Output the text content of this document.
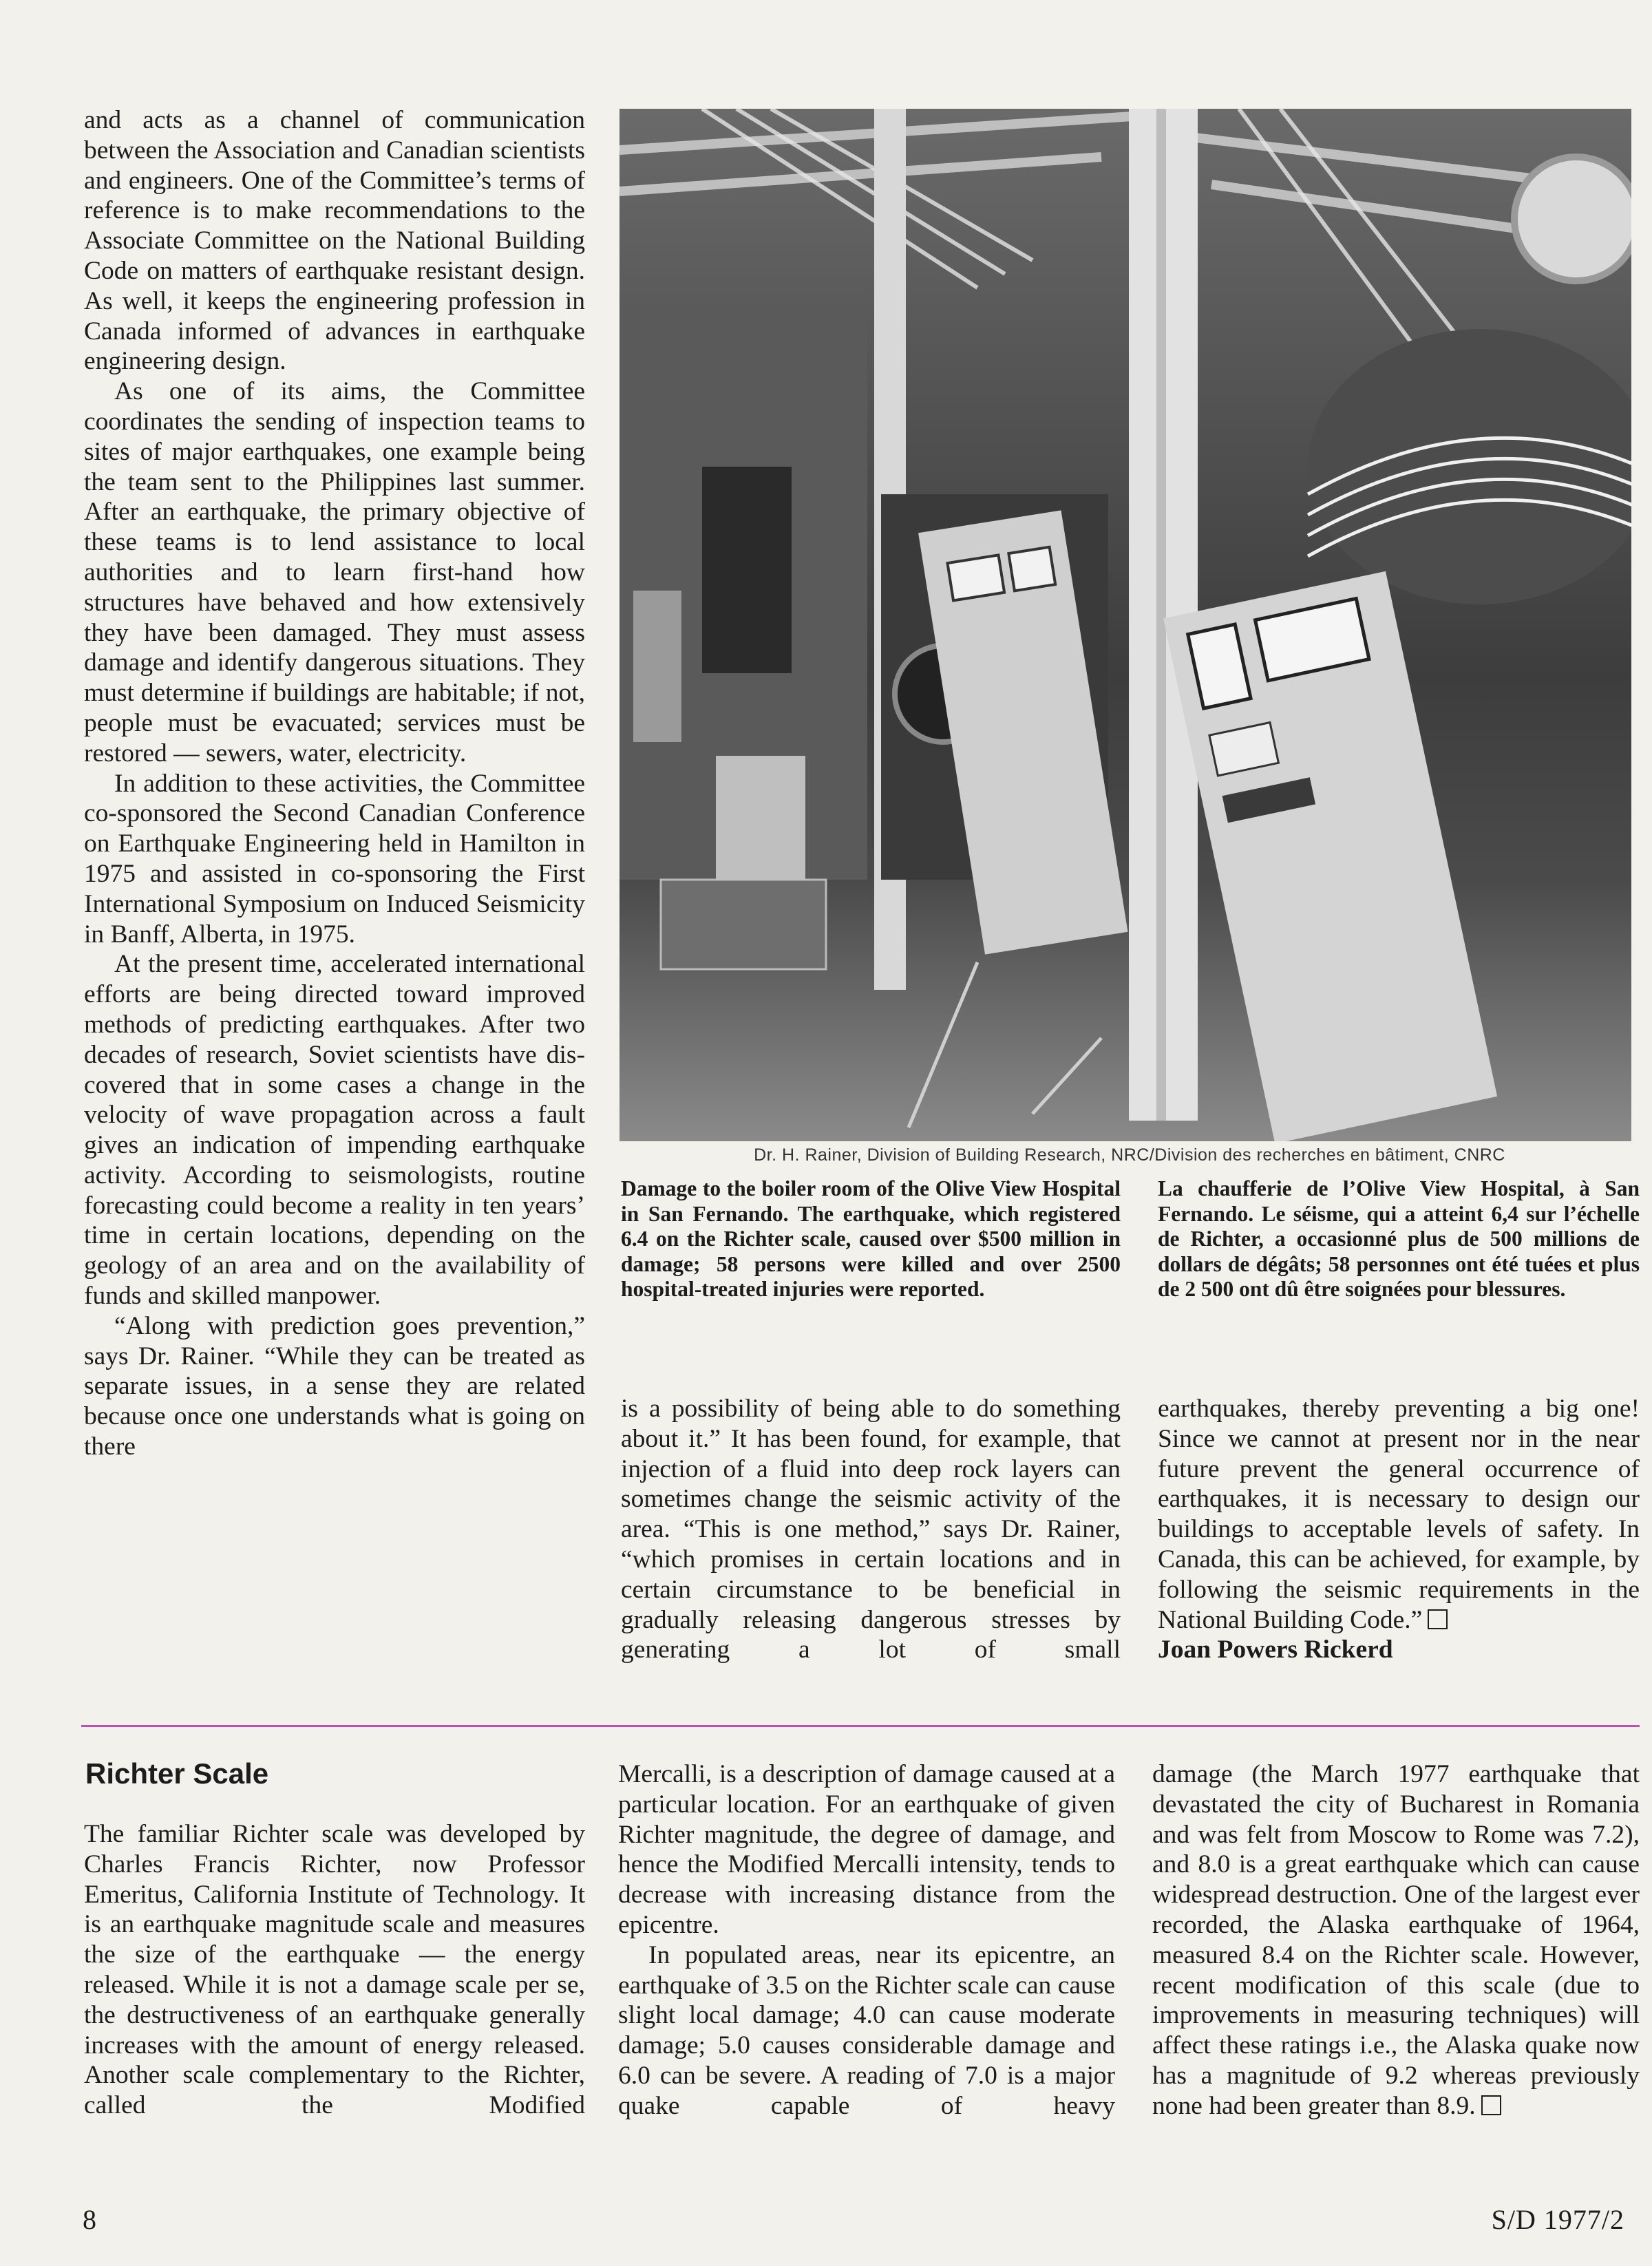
and acts as a channel of communication between the Association and Canadian scientists and engineers. One of the Committee’s terms of reference is to make recommendations to the Associate Committee on the National Building Code on matters of earthquake resistant design. As well, it keeps the engineering profession in Canada informed of advances in earthquake engineering design.

As one of its aims, the Committee coordinates the sending of inspection teams to sites of major earthquakes, one example being the team sent to the Philippines last summer. After an earthquake, the primary objective of these teams is to lend assistance to local authorities and to learn first-hand how structures have behaved and how extensively they have been damaged. They must assess damage and identify dangerous situations. They must determine if buildings are habitable; if not, people must be evacuated; services must be restored — sewers, water, electricity.

In addition to these activities, the Committee co-sponsored the Second Canadian Conference on Earthquake Engineering held in Hamilton in 1975 and assisted in co-sponsoring the First International Symposium on Induced Seismicity in Banff, Alberta, in 1975.

At the present time, accelerated international efforts are being directed toward improved methods of predicting earthquakes. After two decades of research, Soviet scientists have discovered that in some cases a change in the velocity of wave propagation across a fault gives an indication of impending earthquake activity. According to seismologists, routine forecasting could become a reality in ten years’ time in certain locations, depending on the geology of an area and on the availability of funds and skilled manpower.

“Along with prediction goes prevention,” says Dr. Rainer. “While they can be treated as separate issues, in a sense they are related because once one understands what is going on there

Dr. H. Rainer, Division of Building Research, NRC/Division des recherches en bâtiment, CNRC

Damage to the boiler room of the Olive View Hospital in San Fernando. The earthquake, which registered 6.4 on the Richter scale, caused over $500 million in damage; 58 persons were killed and over 2500 hospital-treated injuries were reported.

La chaufferie de l’Olive View Hospital, à San Fernando. Le séisme, qui a atteint 6,4 sur l’échelle de Richter, a occasionné plus de 500 millions de dollars de dégâts; 58 personnes ont été tuées et plus de 2 500 ont dû être soignées pour blessures.

is a possibility of being able to do something about it.” It has been found, for example, that injection of a fluid into deep rock layers can sometimes change the seismic activity of the area. “This is one method,” says Dr. Rainer, “which promises in certain locations and in certain circumstance to be beneficial in gradually releasing dangerous stresses by generating a lot of small

earthquakes, thereby preventing a big one! Since we cannot at present nor in the near future prevent the general occurrence of earthquakes, it is necessary to design our buildings to acceptable levels of safety. In Canada, this can be achieved, for example, by following the seismic requirements in the National Building Code.”

Joan Powers Rickerd

Richter Scale

The familiar Richter scale was developed by Charles Francis Richter, now Professor Emeritus, California Institute of Technology. It is an earthquake magnitude scale and measures the size of the earthquake — the energy released. While it is not a damage scale per se, the destructiveness of an earthquake generally increases with the amount of energy released. Another scale complementary to the Richter, called the Modified

Mercalli, is a description of damage caused at a particular location. For an earthquake of given Richter magnitude, the degree of damage, and hence the Modified Mercalli intensity, tends to decrease with increasing distance from the epicentre.

In populated areas, near its epicentre, an earthquake of 3.5 on the Richter scale can cause slight local damage; 4.0 can cause moderate damage; 5.0 causes considerable damage and 6.0 can be severe. A reading of 7.0 is a major quake capable of heavy

damage (the March 1977 earthquake that devastated the city of Bucharest in Romania and was felt from Moscow to Rome was 7.2), and 8.0 is a great earthquake which can cause widespread destruction. One of the largest ever recorded, the Alaska earthquake of 1964, measured 8.4 on the Richter scale. However, recent modification of this scale (due to improvements in measuring techniques) will affect these ratings i.e., the Alaska quake now has a magnitude of 9.2 whereas previously none had been greater than 8.9.

8	S/D 1977/2
